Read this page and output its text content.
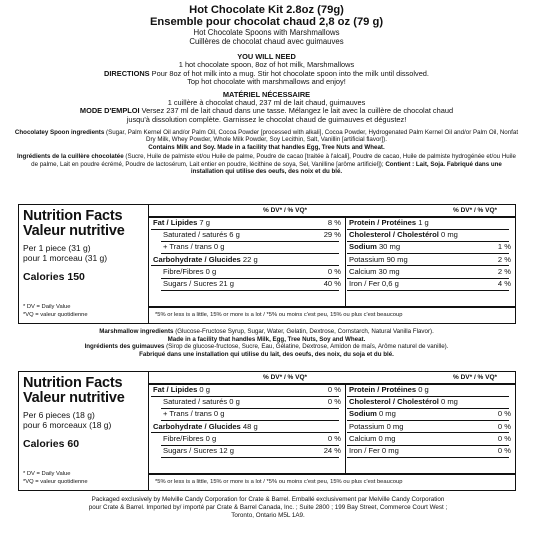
Hot Chocolate Kit 2.8oz (79g)
Ensemble pour chocolat chaud 2,8 oz (79 g)
Hot Chocolate Spoons with Marshmallows
Cuillères de chocolat chaud avec guimauves
YOU WILL NEED
1 hot chocolate spoon, 8oz of hot milk, Marshmallows
DIRECTIONS Pour 8oz of hot milk into a mug. Stir hot chocolate spoon into the milk until dissolved.
Top hot chocolate with marshmallows and enjoy!
MATÉRIEL NÉCESSAIRE
1 cuillère à chocolat chaud, 237 ml de lait chaud, guimauves
MODE D'EMPLOI Versez 237 ml de lait chaud dans une tasse. Mélangez le lait avec la cuillère de chocolat chaud
jusqu'à dissolution complète. Garnissez le chocolat chaud de guimauves et dégustez!
Chocolatey Spoon ingredients (Sugar, Palm Kernel Oil and/or Palm Oil, Cocoa Powder [processed with alkali], Cocoa Powder, Hydrogenated Palm Kernel Oil and/or Palm Oil, Nonfat Dry Milk, Whey Powder, Whole Milk Powder, Soy Lecithin, Salt, Vanillin [artificial flavor]).
Contains Milk and Soy. Made in a facility that handles Egg, Tree Nuts and Wheat.
Ingrédients de la cuillère chocolatée (Sucre, Huile de palmiste et/ou Huile de palme, Poudre de cacao [traitée à l'alcali], Poudre de cacao, Huile de palmiste hydrogénée et/ou Huile de palme, Lait en poudre écrémé, Poudre de lactosérum, Lait entier en poudre, lécithine de soya, Sel, Vanilline [arôme artificiel]); Contient : Lait, Soja. Fabriqué dans une installation qui utilise des oeufs, des noix et du blé.
Nutrition Facts
Valeur nutritive
Per 1 piece (31 g)
pour 1 morceau (31 g)
Calories 150
* DV = Daily Value
*VQ = valeur quotidienne
% DV* / % VQ*	% DV* / % VQ*
Fat / Lipides 7 g	8 %
Saturated / saturés 6 g	29 %
+ Trans / trans 0 g
Carbohydrate / Glucides 22 g
Fibre/Fibres 0 g	0 %
Sugars / Sucres 21 g	40 %
Protein / Protéines 1 g
Cholesterol / Cholestérol 0 mg
Sodium 30 mg	1 %
Potassium 90 mg	2 %
Calcium 30 mg	2 %
Iron / Fer 0,6 g	4 %
*5% or less is a little, 15% or more is a lot / *5% ou moins c'est peu, 15% ou plus c'est beaucoup
Marshmallow ingredients (Glucose-Fructose Syrup, Sugar, Water, Gelatin, Dextrose, Cornstarch, Natural Vanilla Flavor).
Made in a facility that handles Milk, Egg, Tree Nuts, Soy and Wheat.
Ingrédients des guimauves (Sirop de glucose-fructose, Sucre, Eau, Gélatine, Dextrose, Amidon de maïs, Arôme naturel de vanille).
Fabriqué dans une installation qui utilise du lait, des oeufs, des noix, du soja et du blé.
Nutrition Facts
Valeur nutritive
Per 6 pieces (18 g)
pour 6 morceaux (18 g)
Calories 60
* DV = Daily Value
*VQ = valeur quotidienne
% DV* / % VQ*	% DV* / % VQ*
Fat / Lipides 0 g	0 %
Saturated / saturés 0 g	0 %
+ Trans / trans 0 g
Carbohydrate / Glucides 48 g
Fibre/Fibres 0 g	0 %
Sugars / Sucres 12 g	24 %
Protein / Protéines 0 g
Cholesterol / Cholestérol 0 mg
Sodium 0 mg	0 %
Potassium 0 mg	0 %
Calcium 0 mg	0 %
Iron / Fer 0 mg	0 %
*5% or less is a little, 15% or more is a lot / *5% ou moins c'est peu, 15% ou plus c'est beaucoup
Packaged exclusively by Melville Candy Corporation for Crate & Barrel. Emballé exclusivement par Melville Candy Corporation
pour Crate & Barrel. Imported by/ importé par Crate & Barrel Canada, Inc. ; Suite 2800 ; 199 Bay Street, Commerce Court West ;
Toronto, Ontario M5L 1A9.
